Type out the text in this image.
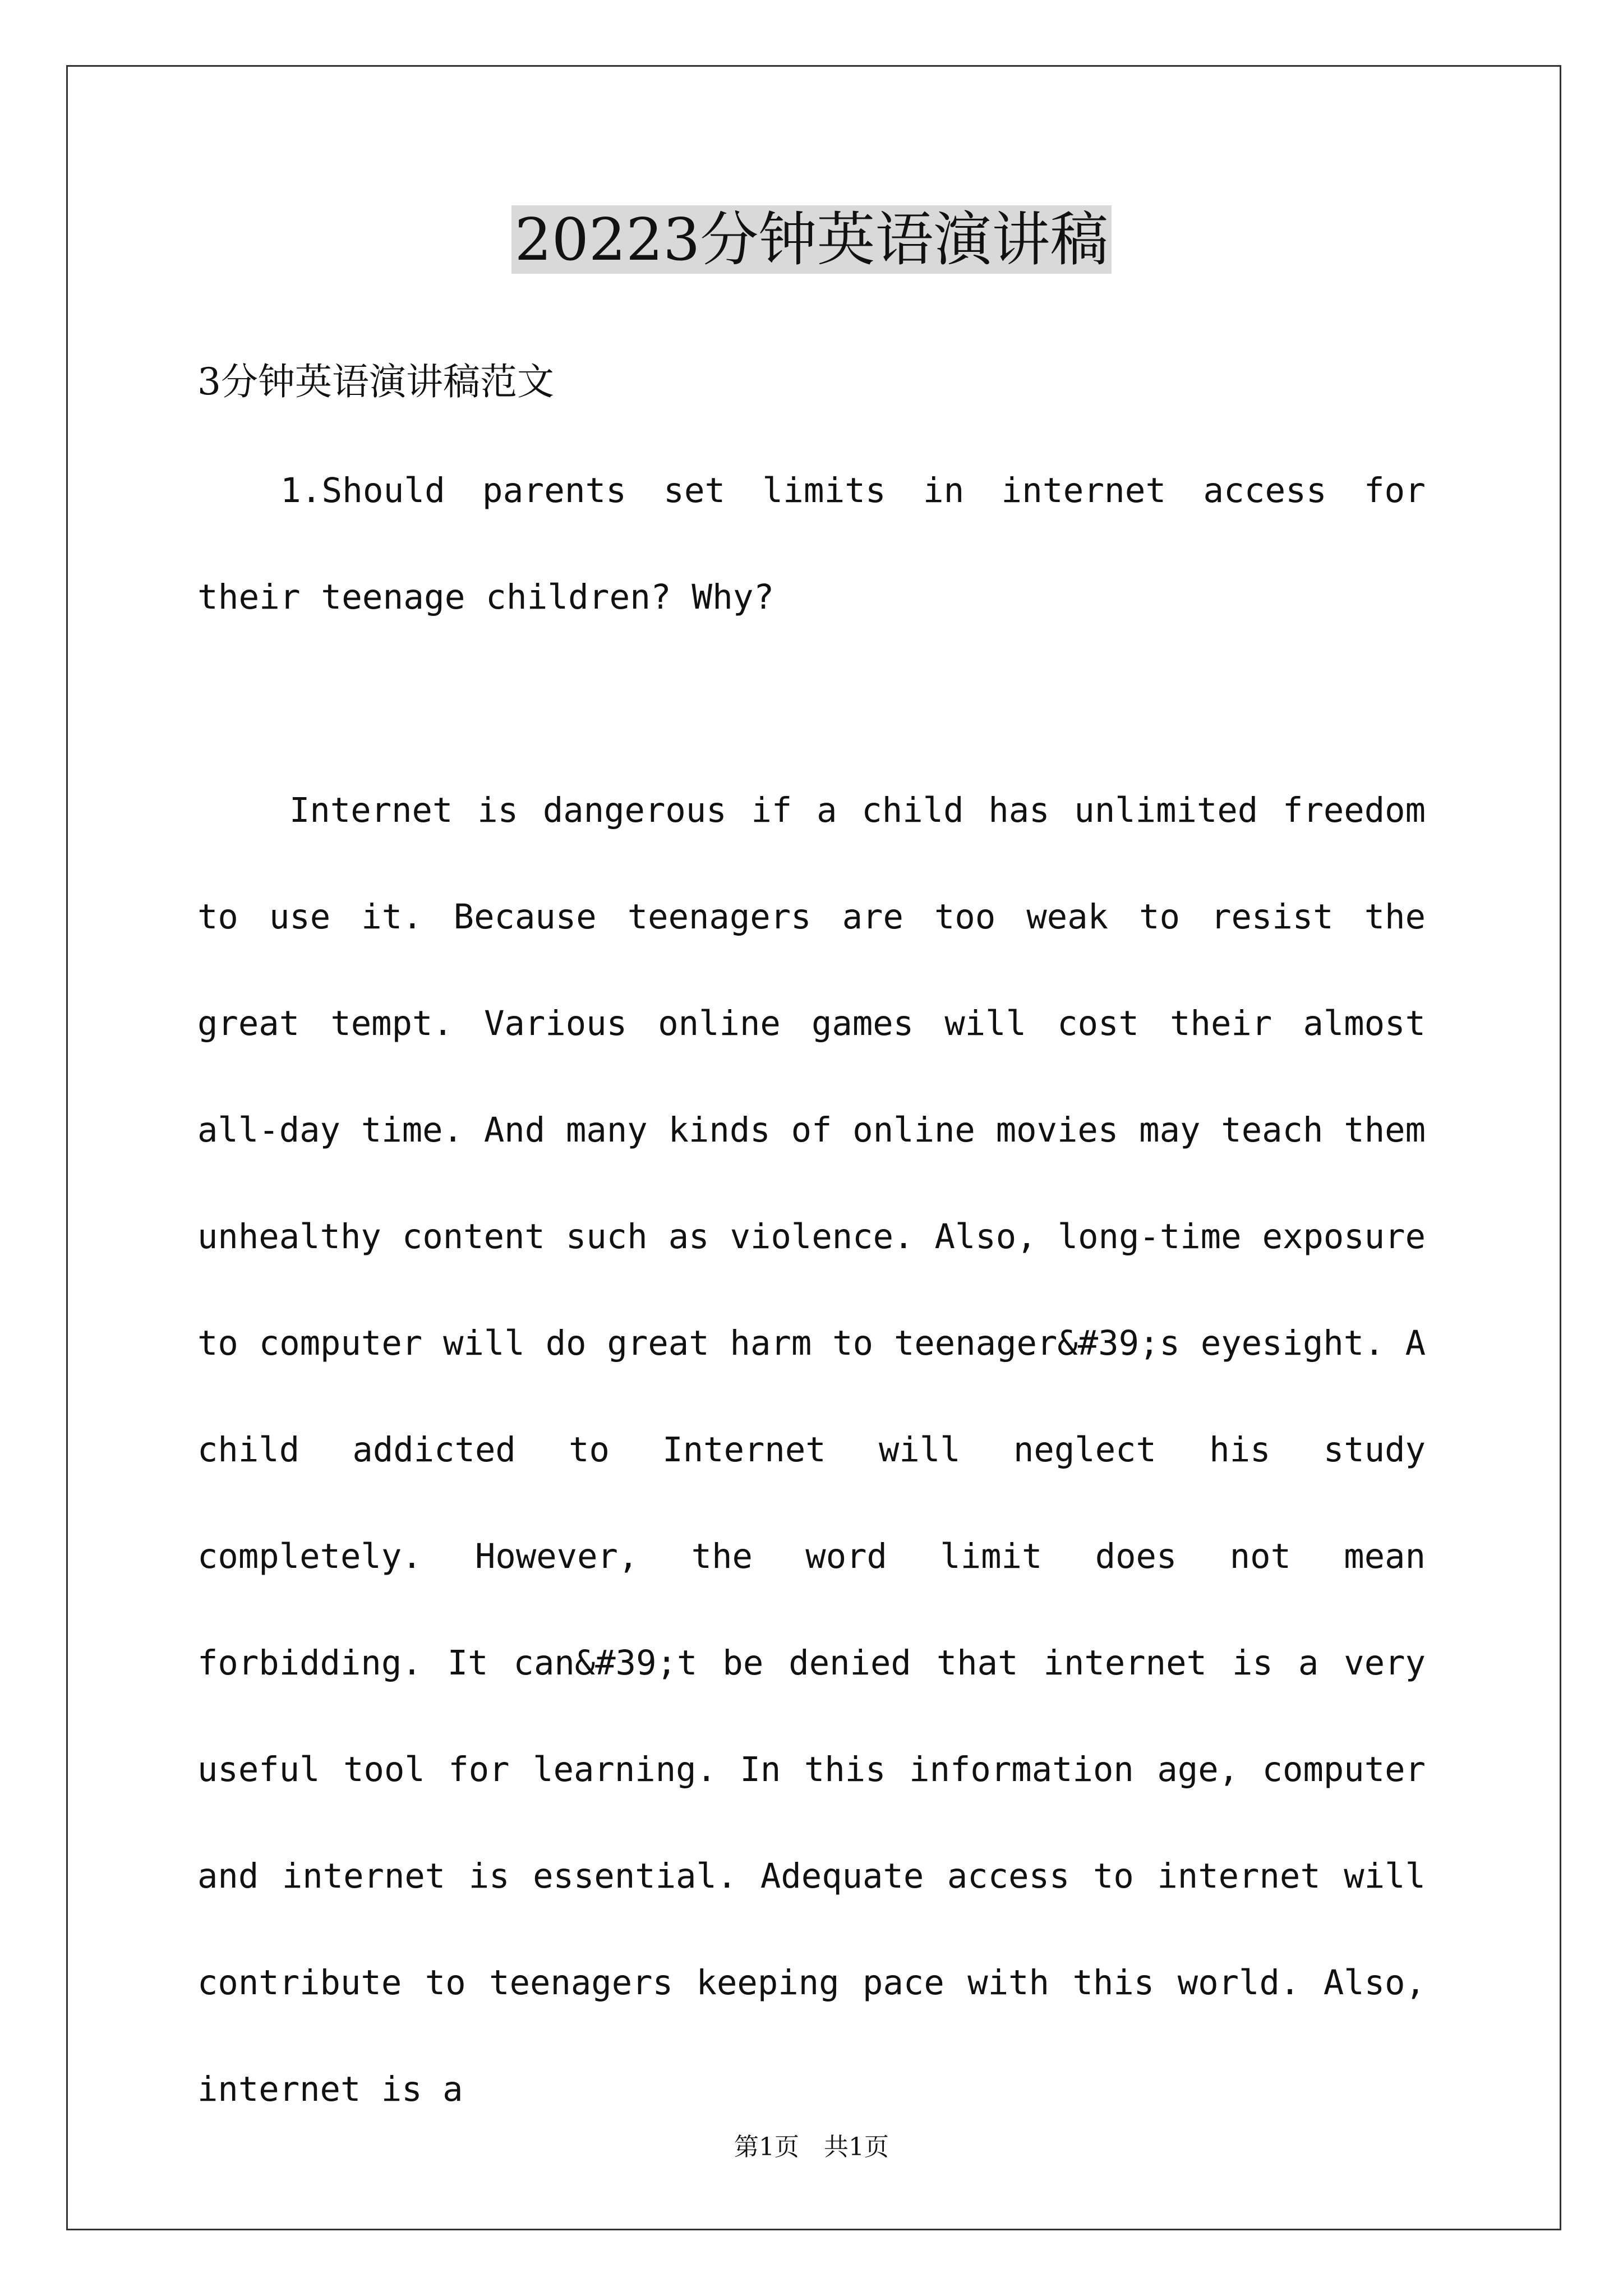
20223分钟英语演讲稿
3分钟英语演讲稿范文

1.Should parents set limits in internet access for their teenage children? Why?

Internet is dangerous if a child has unlimited freedom to use it. Because teenagers are too weak to resist the great tempt. Various online games will cost their almost all-day time. And many kinds of online movies may teach them unhealthy content such as violence. Also, long-time exposure to computer will do great harm to teenager&#39;s eyesight. A child addicted to Internet will neglect his study completely. However, the word limit does not mean forbidding. It can&#39;t be denied that internet is a very useful tool for learning. In this information age, computer and internet is essential. Adequate access to internet will contribute to teenagers keeping pace with this world. Also, internet is a

第1页　共1页
